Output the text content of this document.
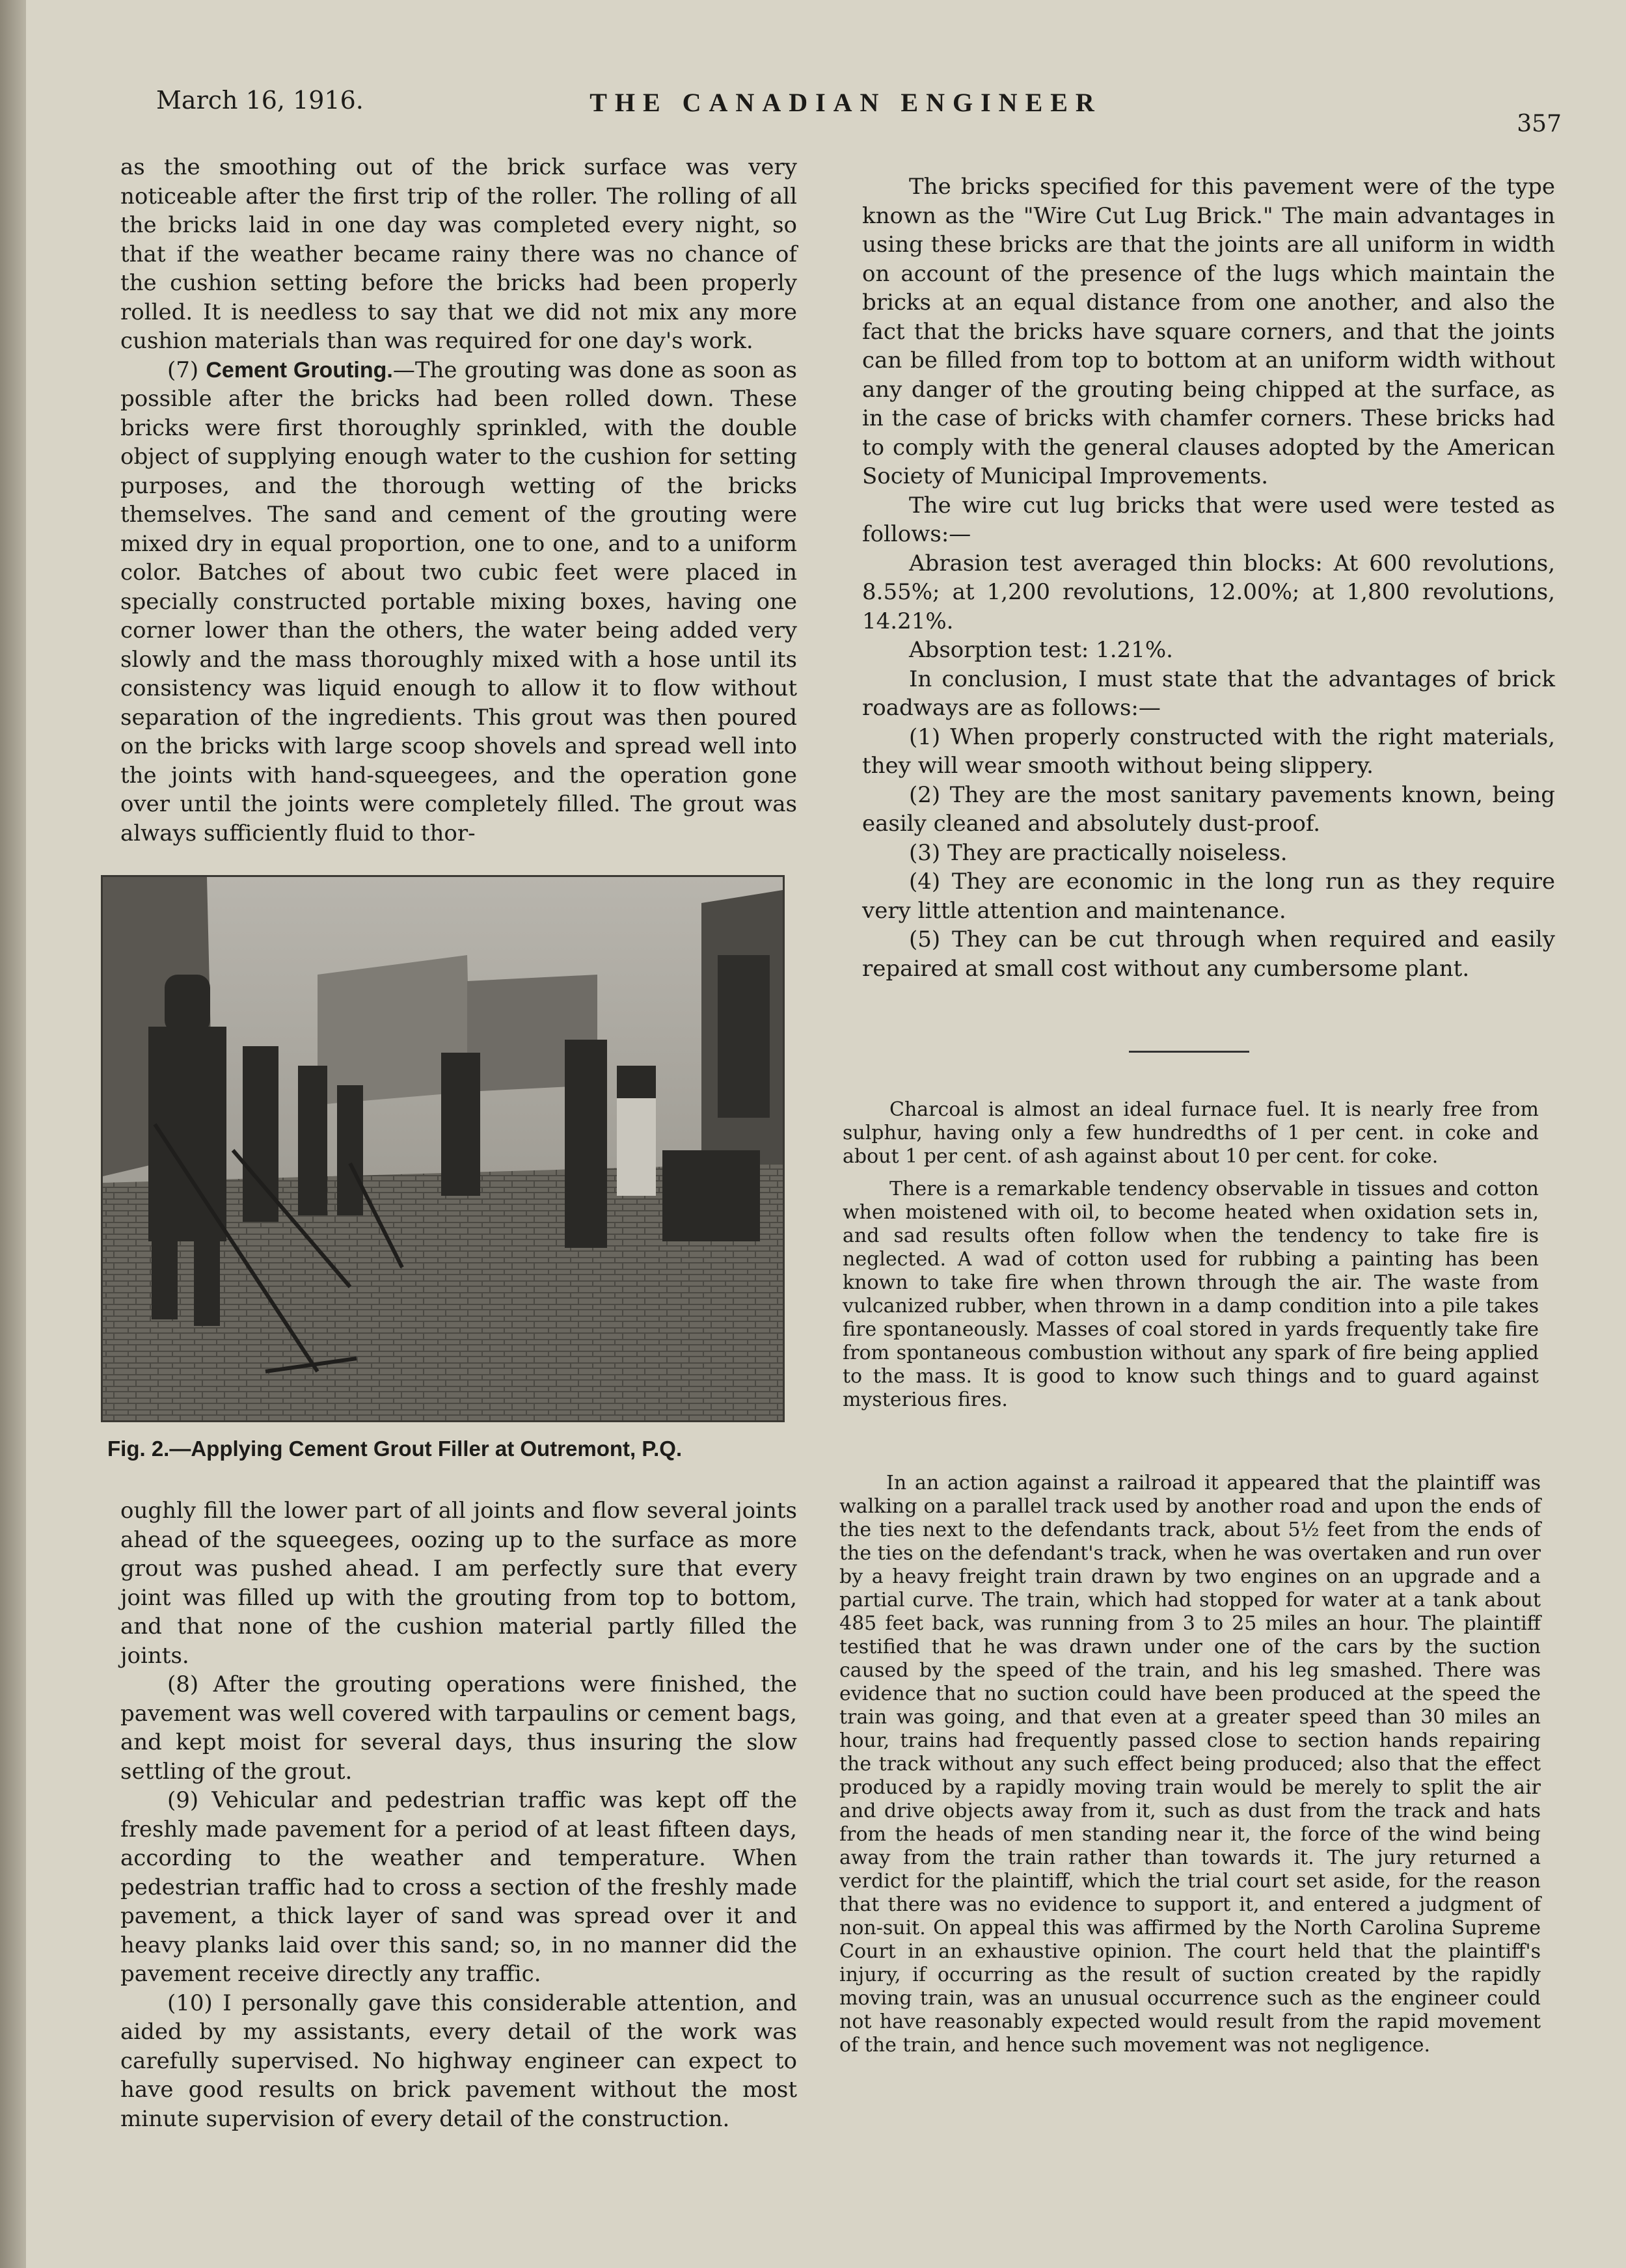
March 16, 1916.	THE CANADIAN ENGINEER
357

as the smoothing out of the brick surface was very noticeable after the first trip of the roller. The rolling of all the bricks laid in one day was completed every night, so that if the weather became rainy there was no chance of the cushion setting before the bricks had been properly rolled. It is needless to say that we did not mix any more cushion materials than was required for one day's work.

(7) Cement Grouting.—The grouting was done as soon as possible after the bricks had been rolled down. These bricks were first thoroughly sprinkled, with the double object of supplying enough water to the cushion for setting purposes, and the thorough wetting of the bricks themselves. The sand and cement of the grouting were mixed dry in equal proportion, one to one, and to a uniform color. Batches of about two cubic feet were placed in specially constructed portable mixing boxes, having one corner lower than the others, the water being added very slowly and the mass thoroughly mixed with a hose until its consistency was liquid enough to allow it to flow without separation of the ingredients. This grout was then poured on the bricks with large scoop shovels and spread well into the joints with hand-squeegees, and the operation gone over until the joints were completely filled. The grout was always sufficiently fluid to thor-

Fig. 2.—Applying Cement Grout Filler at Outremont, P.Q.

oughly fill the lower part of all joints and flow several joints ahead of the squeegees, oozing up to the surface as more grout was pushed ahead. I am perfectly sure that every joint was filled up with the grouting from top to bottom, and that none of the cushion material partly filled the joints.

(8) After the grouting operations were finished, the pavement was well covered with tarpaulins or cement bags, and kept moist for several days, thus insuring the slow settling of the grout.

(9) Vehicular and pedestrian traffic was kept off the freshly made pavement for a period of at least fifteen days, according to the weather and temperature. When pedestrian traffic had to cross a section of the freshly made pavement, a thick layer of sand was spread over it and heavy planks laid over this sand; so, in no manner did the pavement receive directly any traffic.

(10) I personally gave this considerable attention, and aided by my assistants, every detail of the work was carefully supervised. No highway engineer can expect to have good results on brick pavement without the most minute supervision of every detail of the construction.

The bricks specified for this pavement were of the type known as the "Wire Cut Lug Brick." The main advantages in using these bricks are that the joints are all uniform in width on account of the presence of the lugs which maintain the bricks at an equal distance from one another, and also the fact that the bricks have square corners, and that the joints can be filled from top to bottom at an uniform width without any danger of the grouting being chipped at the surface, as in the case of bricks with chamfer corners. These bricks had to comply with the general clauses adopted by the American Society of Municipal Improvements.

The wire cut lug bricks that were used were tested as follows:—

Abrasion test averaged thin blocks: At 600 revolutions, 8.55%; at 1,200 revolutions, 12.00%; at 1,800 revolutions, 14.21%.

Absorption test: 1.21%.

In conclusion, I must state that the advantages of brick roadways are as follows:—

(1) When properly constructed with the right materials, they will wear smooth without being slippery.

(2) They are the most sanitary pavements known, being easily cleaned and absolutely dust-proof.

(3) They are practically noiseless.

(4) They are economic in the long run as they require very little attention and maintenance.

(5) They can be cut through when required and easily repaired at small cost without any cumbersome plant.

Charcoal is almost an ideal furnace fuel. It is nearly free from sulphur, having only a few hundredths of 1 per cent. in coke and about 1 per cent. of ash against about 10 per cent. for coke.

There is a remarkable tendency observable in tissues and cotton when moistened with oil, to become heated when oxidation sets in, and sad results often follow when the tendency to take fire is neglected. A wad of cotton used for rubbing a painting has been known to take fire when thrown through the air. The waste from vulcanized rubber, when thrown in a damp condition into a pile takes fire spontaneously. Masses of coal stored in yards frequently take fire from spontaneous combustion without any spark of fire being applied to the mass. It is good to know such things and to guard against mysterious fires.

In an action against a railroad it appeared that the plaintiff was walking on a parallel track used by another road and upon the ends of the ties next to the defendants track, about 5½ feet from the ends of the ties on the defendant's track, when he was overtaken and run over by a heavy freight train drawn by two engines on an upgrade and a partial curve. The train, which had stopped for water at a tank about 485 feet back, was running from 3 to 25 miles an hour. The plaintiff testified that he was drawn under one of the cars by the suction caused by the speed of the train, and his leg smashed. There was evidence that no suction could have been produced at the speed the train was going, and that even at a greater speed than 30 miles an hour, trains had frequently passed close to section hands repairing the track without any such effect being produced; also that the effect produced by a rapidly moving train would be merely to split the air and drive objects away from it, such as dust from the track and hats from the heads of men standing near it, the force of the wind being away from the train rather than towards it. The jury returned a verdict for the plaintiff, which the trial court set aside, for the reason that there was no evidence to support it, and entered a judgment of non-suit. On appeal this was affirmed by the North Carolina Supreme Court in an exhaustive opinion. The court held that the plaintiff's injury, if occurring as the result of suction created by the rapidly moving train, was an unusual occurrence such as the engineer could not have reasonably expected would result from the rapid movement of the train, and hence such movement was not negligence.
